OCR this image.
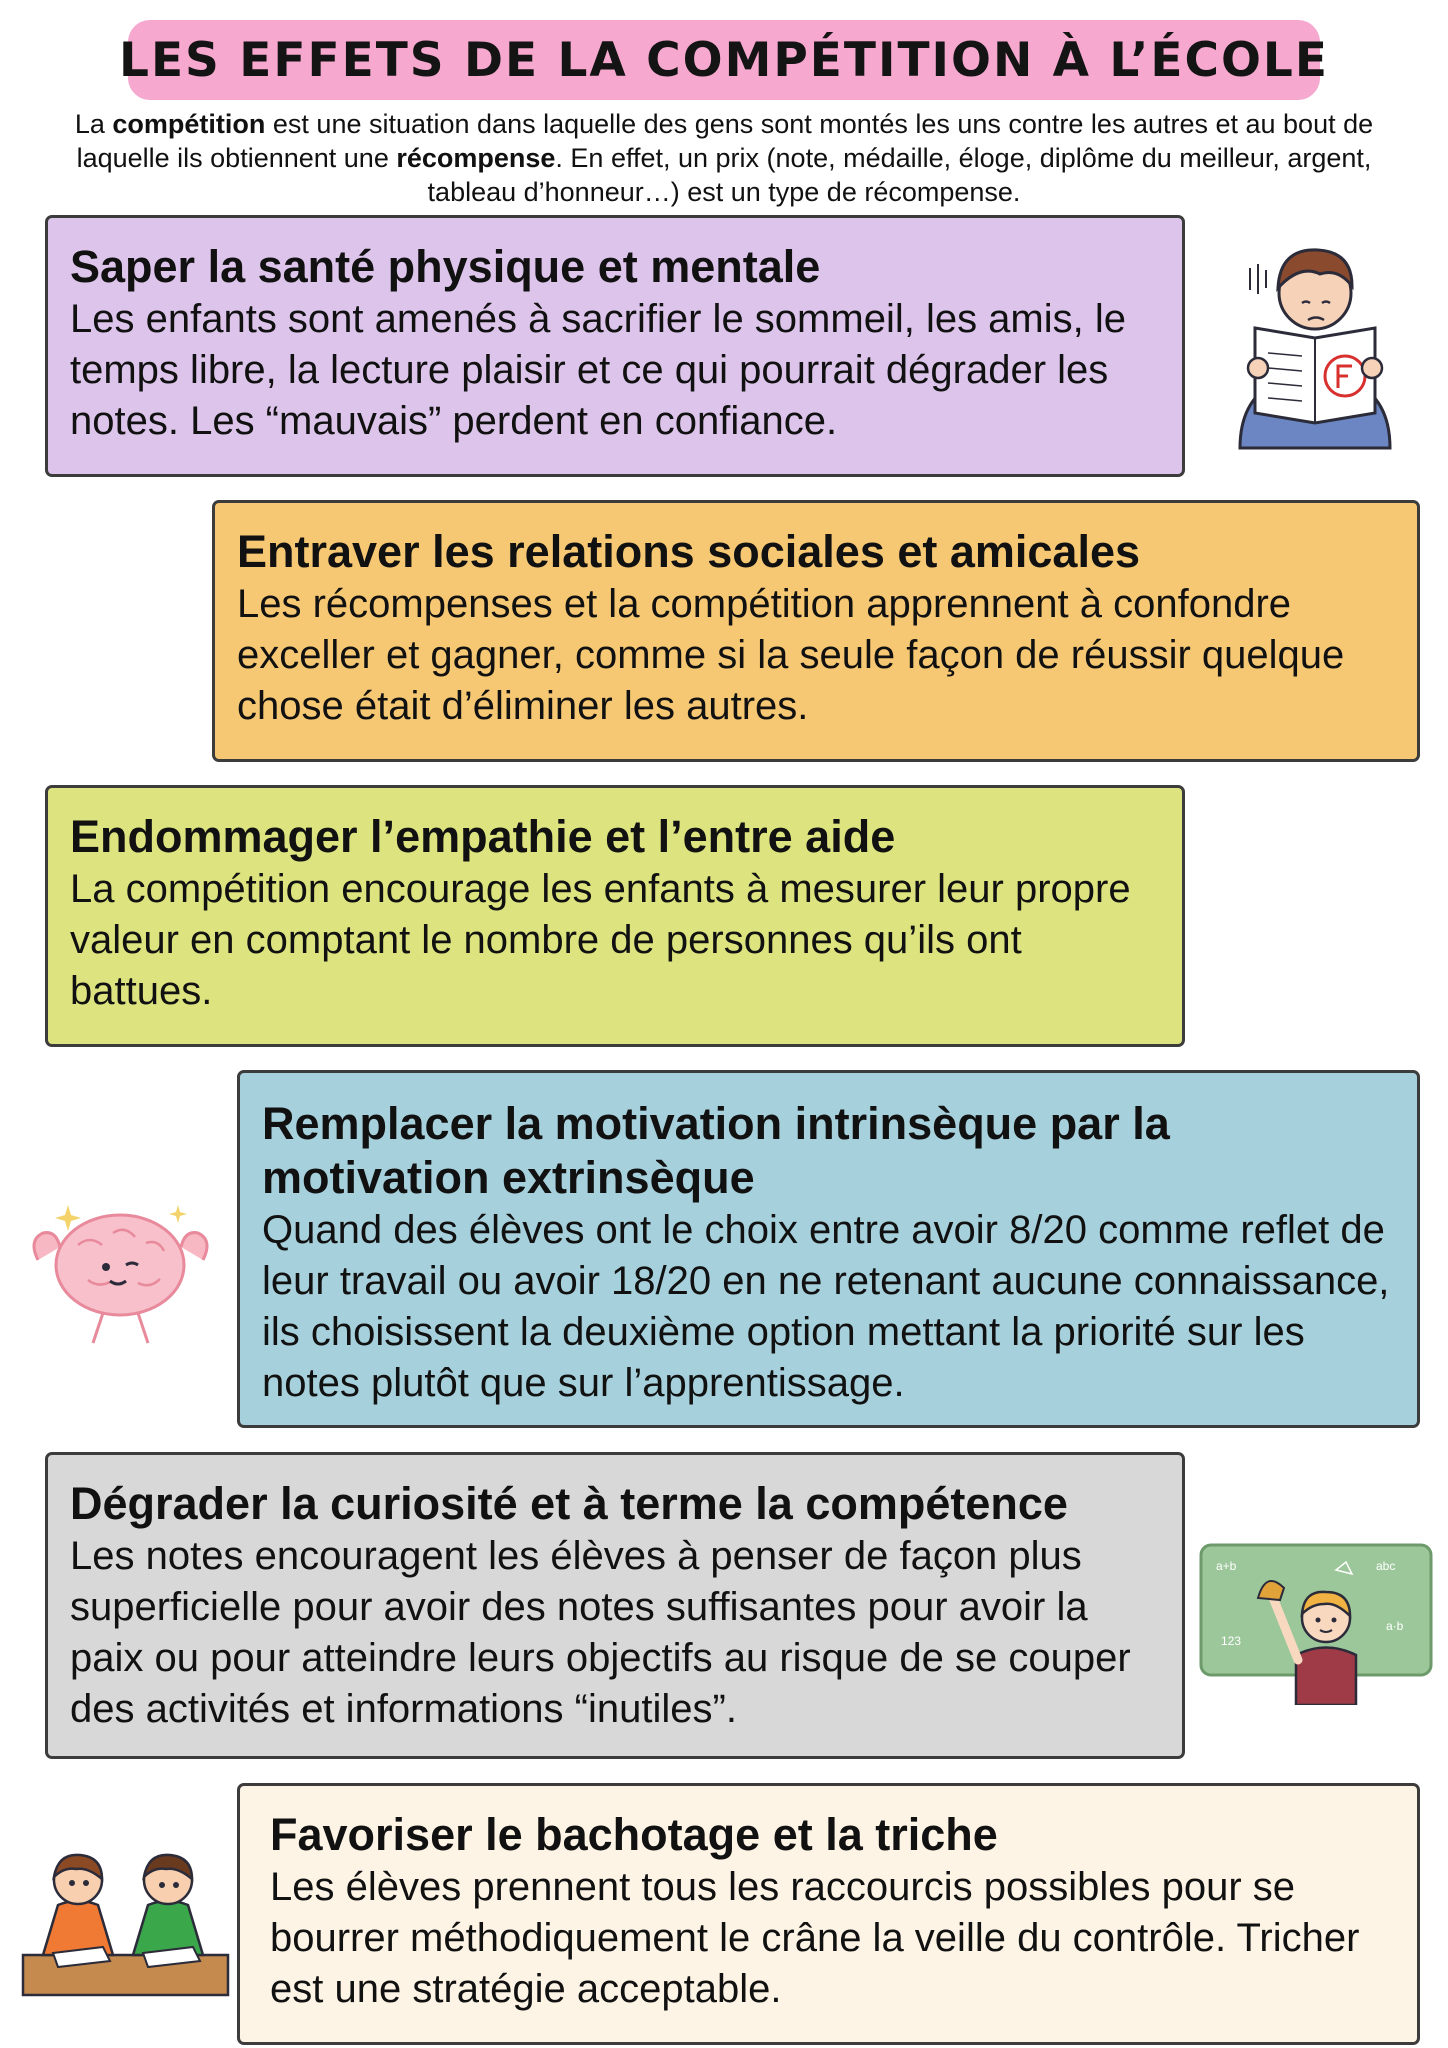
LES EFFETS DE LA COMPÉTITION À L’ÉCOLE
La compétition est une situation dans laquelle des gens sont montés les uns contre les autres et au bout de laquelle ils obtiennent une récompense. En effet, un prix (note, médaille, éloge, diplôme du meilleur, argent, tableau d’honneur…) est un type de récompense.
Saper la santé physique et mentale

Les enfants sont amenés à sacrifier le sommeil, les amis, le temps libre, la lecture plaisir et ce qui pourrait dégrader les notes. Les “mauvais” perdent en confiance.

Entraver les relations sociales et amicales

Les récompenses et la compétition apprennent à confondre exceller et gagner, comme si la seule façon de réussir quelque chose était d’éliminer les autres.

Endommager l’empathie et l’entre aide

La compétition encourage les enfants à mesurer leur propre valeur en comptant le nombre de personnes qu’ils ont battues.

Remplacer la motivation intrinsèque par la motivation extrinsèque

Quand des élèves ont le choix entre avoir 8/20 comme reflet de leur travail ou avoir 18/20 en ne retenant aucune connaissance, ils choisissent la deuxième option mettant la priorité sur les notes plutôt que sur l’apprentissage.

Dégrader la curiosité et à terme la compétence

Les notes encouragent les élèves à penser de façon plus superficielle pour avoir des notes suffisantes pour avoir la paix ou pour atteindre leurs objectifs au risque de se couper des activités et informations “inutiles”.

Favoriser le bachotage et la triche

Les élèves prennent tous les raccourcis possibles pour se bourrer méthodiquement le crâne la veille du contrôle. Tricher est une stratégie acceptable.

a+b	abc
a·b
123
